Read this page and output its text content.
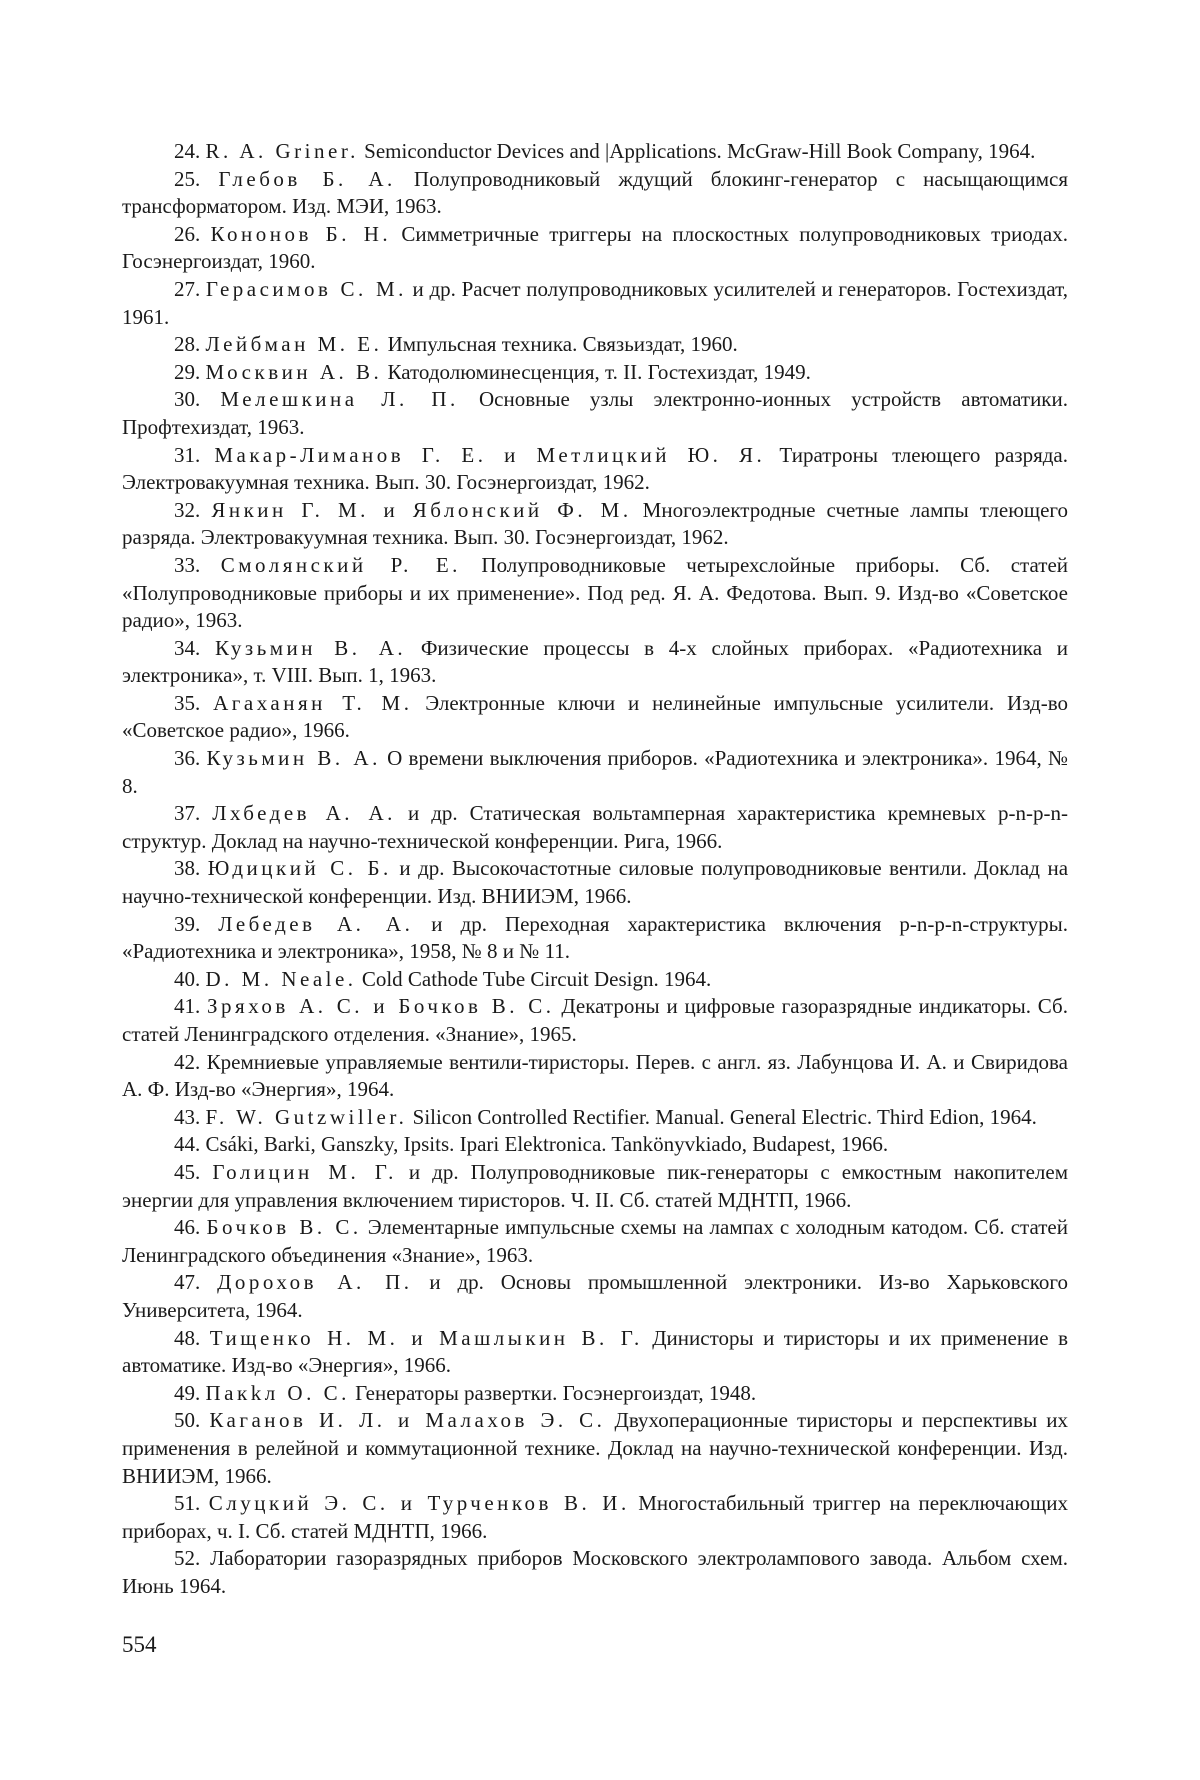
24. R. A. Griner. Semiconductor Devices and |Applications. McGraw-Hill Book Company, 1964.

25. Глебов Б. А. Полупроводниковый ждущий блокинг-генератор с насыщающимся трансформатором. Изд. МЭИ, 1963.

26. Кононов Б. Н. Симметричные триггеры на плоскостных полупроводниковых триодах. Госэнергоиздат, 1960.

27. Герасимов С. М. и др. Расчет полупроводниковых усилителей и генераторов. Гостехиздат, 1961.

28. Лейбман М. Е. Импульсная техника. Связьиздат, 1960.

29. Москвин А. В. Катодолюминесценция, т. II. Гостехиздат, 1949.

30. Мелешкина Л. П. Основные узлы электронно-ионных устройств автоматики. Профтехиздат, 1963.

31. Макар-Лиманов Г. Е. и Метлицкий Ю. Я. Тиратроны тлеющего разряда. Электровакуумная техника. Вып. 30. Госэнергоиздат, 1962.

32. Янкин Г. М. и Яблонский Ф. М. Многоэлектродные счетные лампы тлеющего разряда. Электровакуумная техника. Вып. 30. Госэнергоиздат, 1962.

33. Смолянский Р. Е. Полупроводниковые четырехслойные приборы. Сб. статей «Полупроводниковые приборы и их применение». Под ред. Я. А. Федотова. Вып. 9. Изд-во «Советское радио», 1963.

34. Кузьмин В. А. Физические процессы в 4-х слойных приборах. «Радиотехника и электроника», т. VIII. Вып. 1, 1963.

35. Агаханян Т. М. Электронные ключи и нелинейные импульсные усилители. Изд-во «Советское радио», 1966.

36. Кузьмин В. А. О времени выключения приборов. «Радиотехника и электроника». 1964, № 8.

37. Лхбедев А. А. и др. Статическая вольтамперная характеристика кремневых p-n-p-n- структур. Доклад на научно-технической конференции. Рига, 1966.

38. Юдицкий С. Б. и др. Высокочастотные силовые полупроводниковые вентили. Доклад на научно-технической конференции. Изд. ВНИИЭМ, 1966.

39. Лебедев А. А. и др. Переходная характеристика включения p-n-p-n-структуры. «Радиотехника и электроника», 1958, № 8 и № 11.

40. D. M. Neale. Cold Cathode Tube Circuit Design. 1964.

41. Зряхов А. С. и Бочков В. С. Декатроны и цифровые газоразрядные индикаторы. Сб. статей Ленинградского отделения. «Знание», 1965.

42. Кремниевые управляемые вентили-тиристоры. Перев. с англ. яз. Лабунцова И. А. и Свиридова А. Ф. Изд-во «Энергия», 1964.

43. F. W. Gutzwiller. Silicon Controlled Rectifier. Manual. General Electric. Third Edion, 1964.

44. Csáki, Barki, Ganszky, Ipsits. Ipari Elektronica. Tankönyvkiado, Budapest, 1966.

45. Голицин М. Г. и др. Полупроводниковые пик-генераторы с емкостным накопителем энергии для управления включением тиристоров. Ч. II. Сб. статей МДНТП, 1966.

46. Бочков В. С. Элементарные импульсные схемы на лампах с холодным катодом. Сб. статей Ленинградского объединения «Знание», 1963.

47. Дорохов А. П. и др. Основы промышленной электроники. Из-во Харьковского Университета, 1964.

48. Тищенко Н. М. и Машлыкин В. Г. Динисторы и тиристоры и их применение в автоматике. Изд-во «Энергия», 1966.

49. Пакkл О. С. Генераторы развертки. Госэнергоиздат, 1948.

50. Каганов И. Л. и Малахов Э. С. Двухоперационные тиристоры и перспективы их применения в релейной и коммутационной технике. Доклад на научно-технической конференции. Изд. ВНИИЭМ, 1966.

51. Слуцкий Э. С. и Турченков В. И. Многостабильный триггер на переключающих приборах, ч. I. Сб. статей МДНТП, 1966.

52. Лаборатории газоразрядных приборов Московского электролампового завода. Альбом схем. Июнь 1964.

554
